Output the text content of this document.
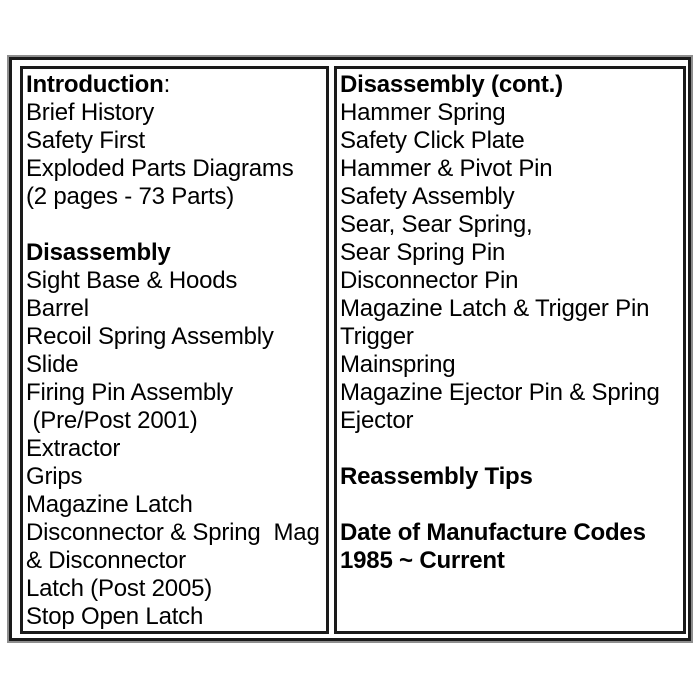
Introduction:
Brief History
Safety First
Exploded Parts Diagrams
(2 pages - 73 Parts)
Disassembly
Sight Base & Hoods
Barrel
Recoil Spring Assembly
Slide
Firing Pin Assembly
(Pre/Post 2001)
Extractor
Grips
Magazine Latch
Disconnector & Spring  Mag
& Disconnector
Latch (Post 2005)
Stop Open Latch
Disassembly (cont.)
Hammer Spring
Safety Click Plate
Hammer & Pivot Pin
Safety Assembly
Sear, Sear Spring,
Sear Spring Pin
Disconnector Pin
Magazine Latch & Trigger Pin
Trigger
Mainspring
Magazine Ejector Pin & Spring
Ejector
Reassembly Tips
Date of Manufacture Codes
1985 ~ Current
